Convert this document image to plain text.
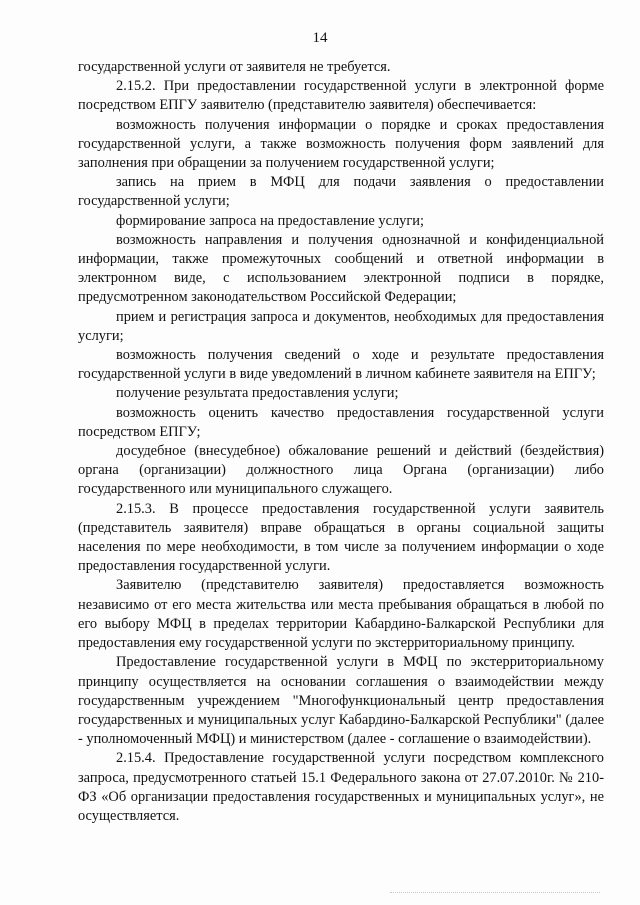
14

государственной услуги от заявителя не требуется.

2.15.2. При предоставлении государственной услуги в электронной форме посредством ЕПГУ заявителю (представителю заявителя) обеспечивается:

возможность получения информации о порядке и сроках предоставления государственной услуги, а также возможность получения форм заявлений для заполнения при обращении за получением государственной услуги;

запись на прием в МФЦ для подачи заявления о предоставлении государственной услуги;

формирование запроса на предоставление услуги;

возможность направления и получения однозначной и конфиденциальной информации, также промежуточных сообщений и ответной информации в электронном виде, с использованием электронной подписи в порядке, предусмотренном законодательством Российской Федерации;

прием и регистрация запроса и документов, необходимых для предоставления услуги;

возможность получения сведений о ходе и результате предоставления государственной услуги в виде уведомлений в личном кабинете заявителя на ЕПГУ;

получение результата предоставления услуги;

возможность оценить качество предоставления государственной услуги посредством ЕПГУ;

досудебное (внесудебное) обжалование решений и действий (бездействия) органа (организации) должностного лица Органа (организации) либо государственного или муниципального служащего.

2.15.3. В процессе предоставления государственной услуги заявитель (представитель заявителя) вправе обращаться в органы социальной защиты населения по мере необходимости, в том числе за получением информации о ходе предоставления государственной услуги.

Заявителю (представителю заявителя) предоставляется возможность независимо от его места жительства или места пребывания обращаться в любой по его выбору МФЦ в пределах территории Кабардино-Балкарской Республики для предоставления ему государственной услуги по экстерриториальному принципу.

Предоставление государственной услуги в МФЦ по экстерриториальному принципу осуществляется на основании соглашения о взаимодействии между государственным учреждением "Многофункциональный центр предоставления государственных и муниципальных услуг Кабардино-Балкарской Республики" (далее - уполномоченный МФЦ) и министерством (далее - соглашение о взаимодействии).

2.15.4. Предоставление государственной услуги посредством комплексного запроса, предусмотренного статьей 15.1 Федерального закона от 27.07.2010г. № 210-ФЗ «Об организации предоставления государственных и муниципальных услуг», не осуществляется.
